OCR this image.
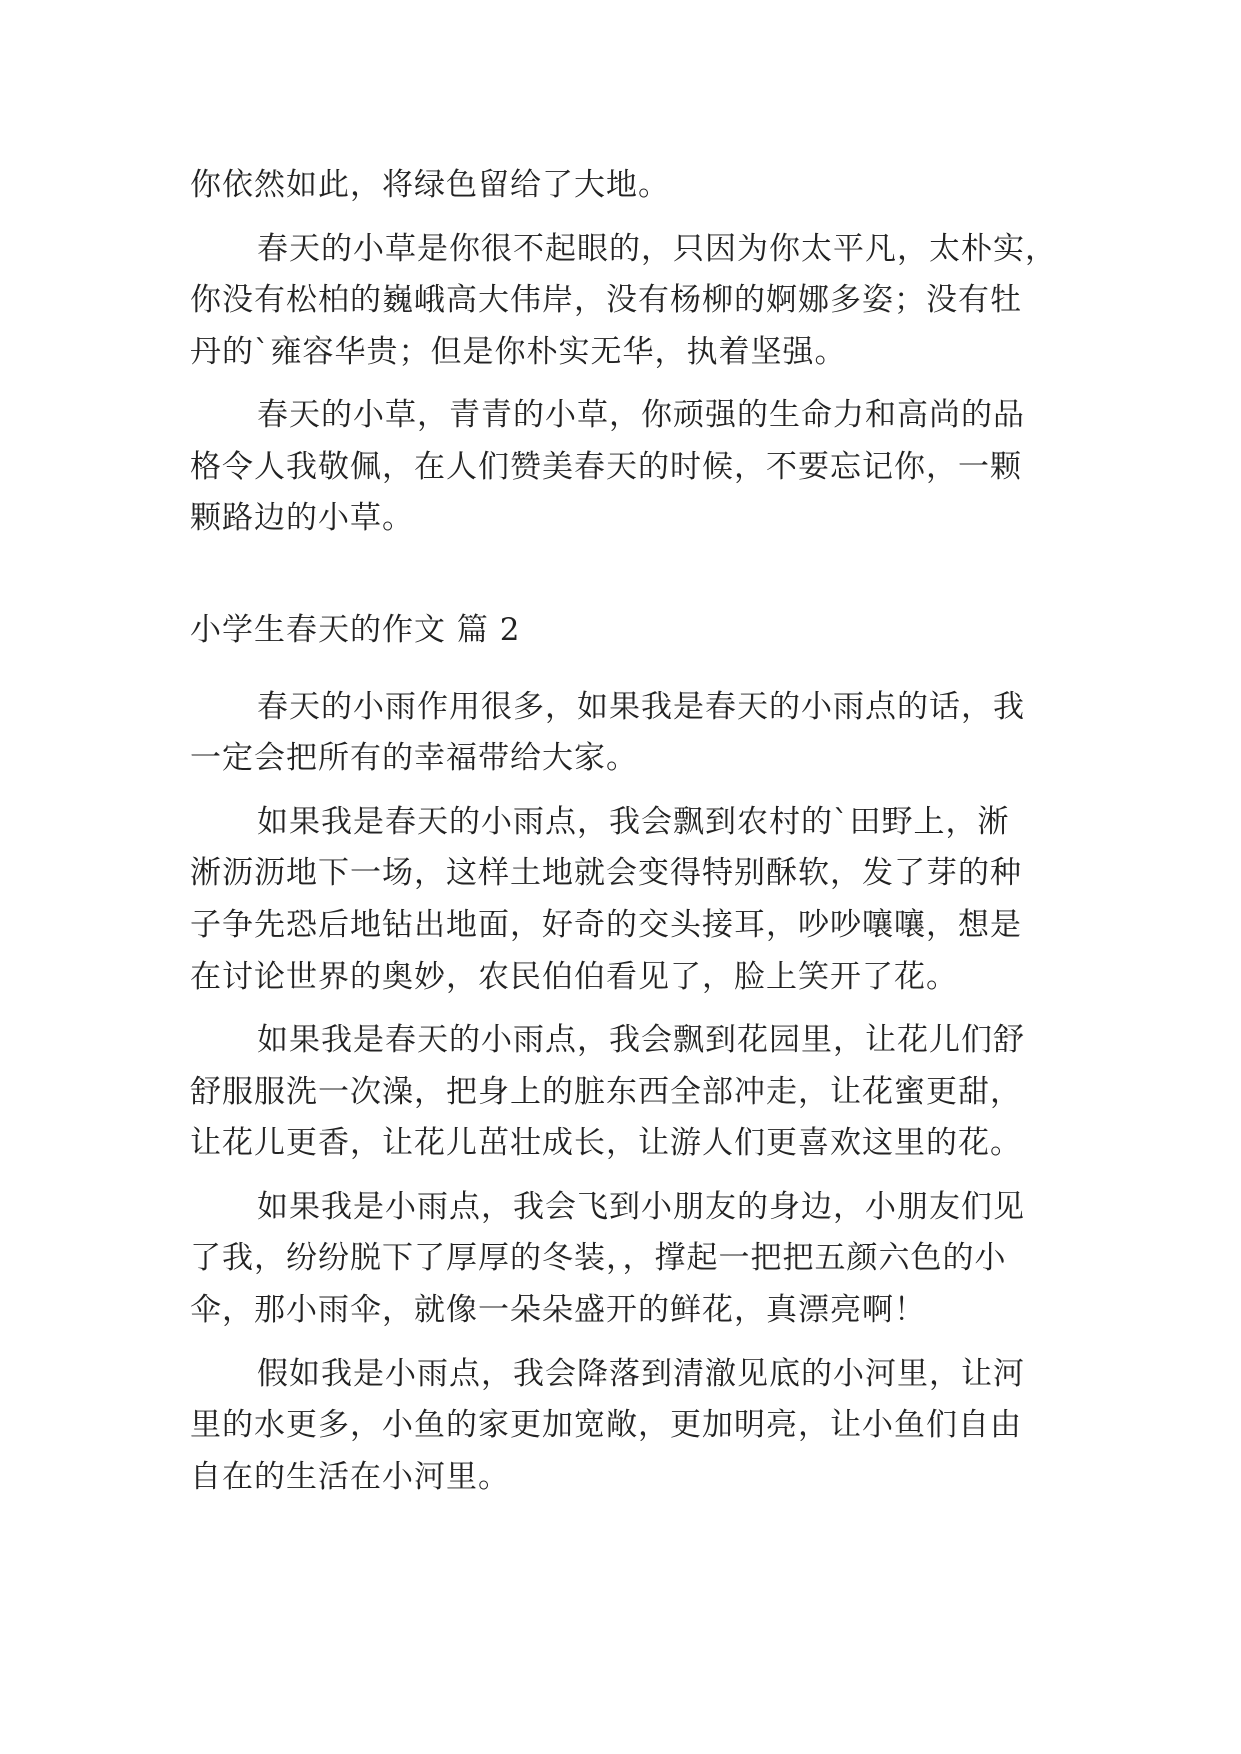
你依然如此，将绿色留给了大地。
春天的小草是你很不起眼的，只因为你太平凡，太朴实，
你没有松柏的巍峨高大伟岸，没有杨柳的婀娜多姿；没有牡
丹的`雍容华贵；但是你朴实无华，执着坚强。
春天的小草，青青的小草，你顽强的生命力和高尚的品
格令人我敬佩，在人们赞美春天的时候，不要忘记你，一颗
颗路边的小草。
小学生春天的作文 篇 2
春天的小雨作用很多，如果我是春天的小雨点的话，我
一定会把所有的幸福带给大家。
如果我是春天的小雨点，我会飘到农村的`田野上，淅
淅沥沥地下一场，这样土地就会变得特别酥软，发了芽的种
子争先恐后地钻出地面，好奇的交头接耳，吵吵嚷嚷，想是
在讨论世界的奥妙，农民伯伯看见了，脸上笑开了花。
如果我是春天的小雨点，我会飘到花园里，让花儿们舒
舒服服洗一次澡，把身上的脏东西全部冲走，让花蜜更甜，
让花儿更香，让花儿茁壮成长，让游人们更喜欢这里的花。
如果我是小雨点，我会飞到小朋友的身边，小朋友们见
了我，纷纷脱下了厚厚的冬装，，撑起一把把五颜六色的小
伞，那小雨伞，就像一朵朵盛开的鲜花，真漂亮啊！
假如我是小雨点，我会降落到清澈见底的小河里，让河
里的水更多，小鱼的家更加宽敞，更加明亮，让小鱼们自由
自在的生活在小河里。
